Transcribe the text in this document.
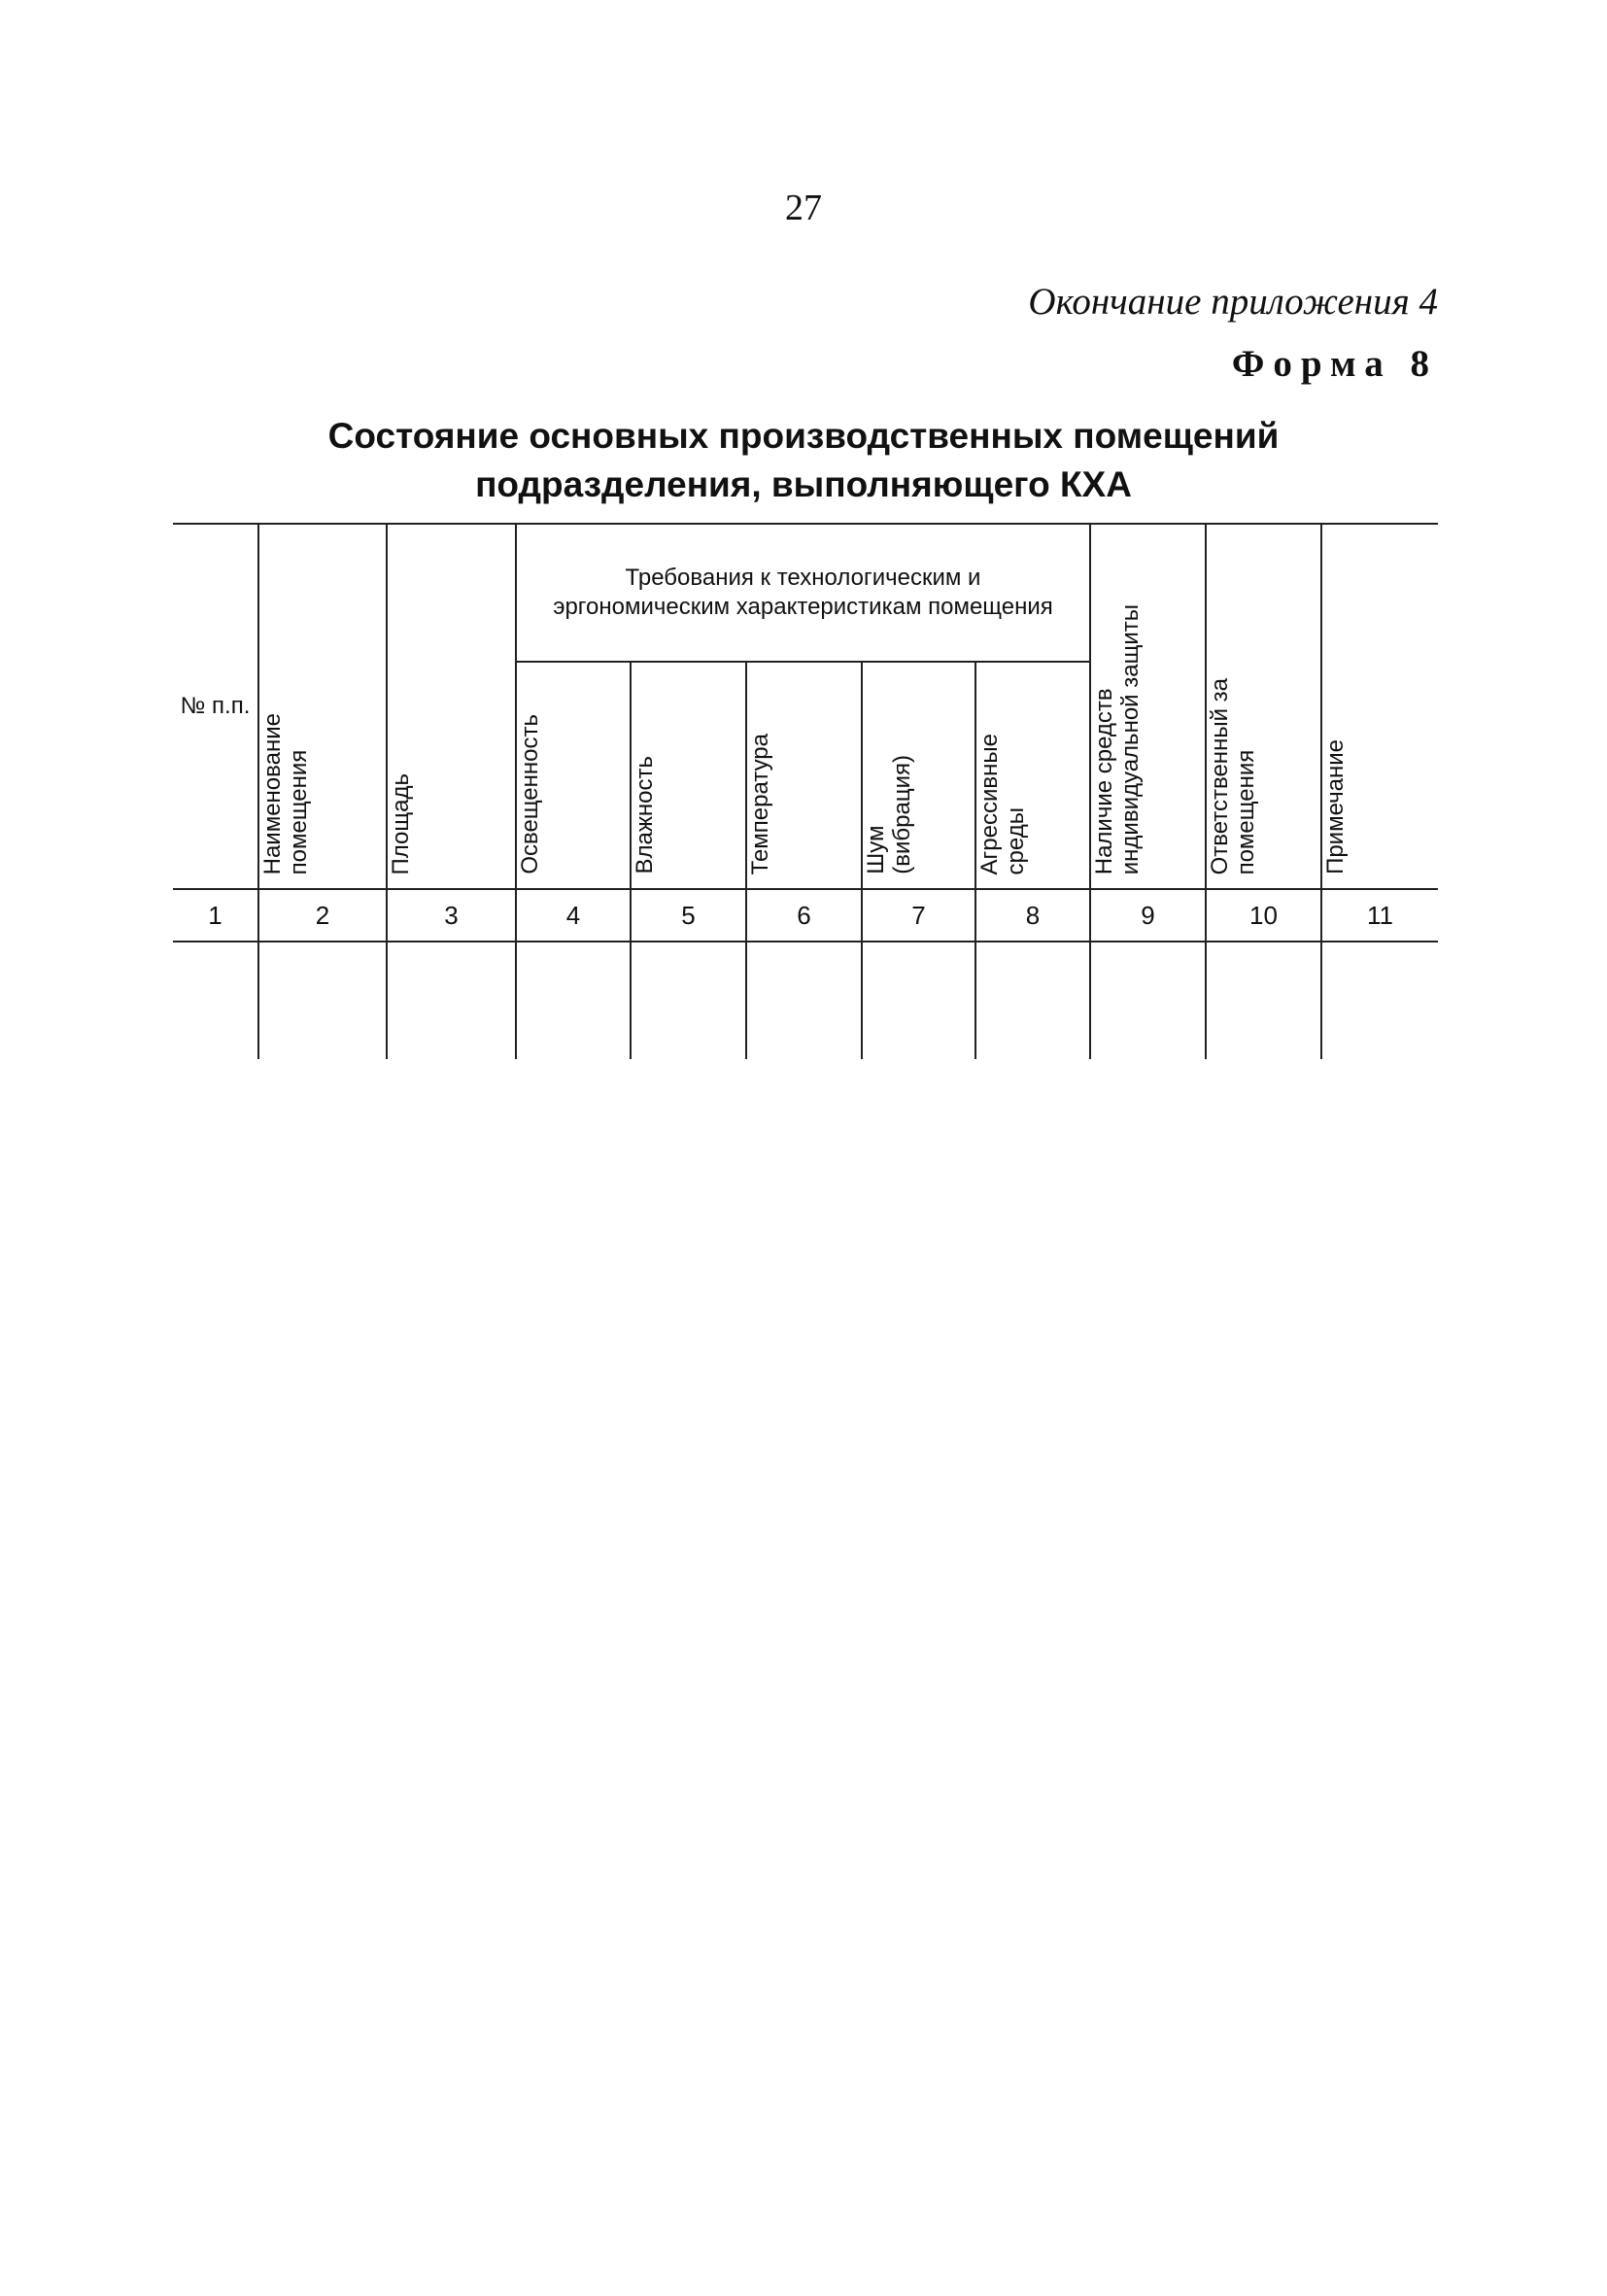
27
Окончание приложения 4
Форма 8
Состояние основных производственных помещений
подразделения, выполняющего КХА
№ п.п.	Наименование помещения	Площадь	Требования к технологическим и эргономическим характеристикам помещения					Наличие средств индивидуальной защиты	Ответственный за помещения	Примечание

			Освещенность	Влажность	Температура	Шум (вибрация)	Агрессивные среды			

1	2	3	4	5	6	7	8	9	10	11
